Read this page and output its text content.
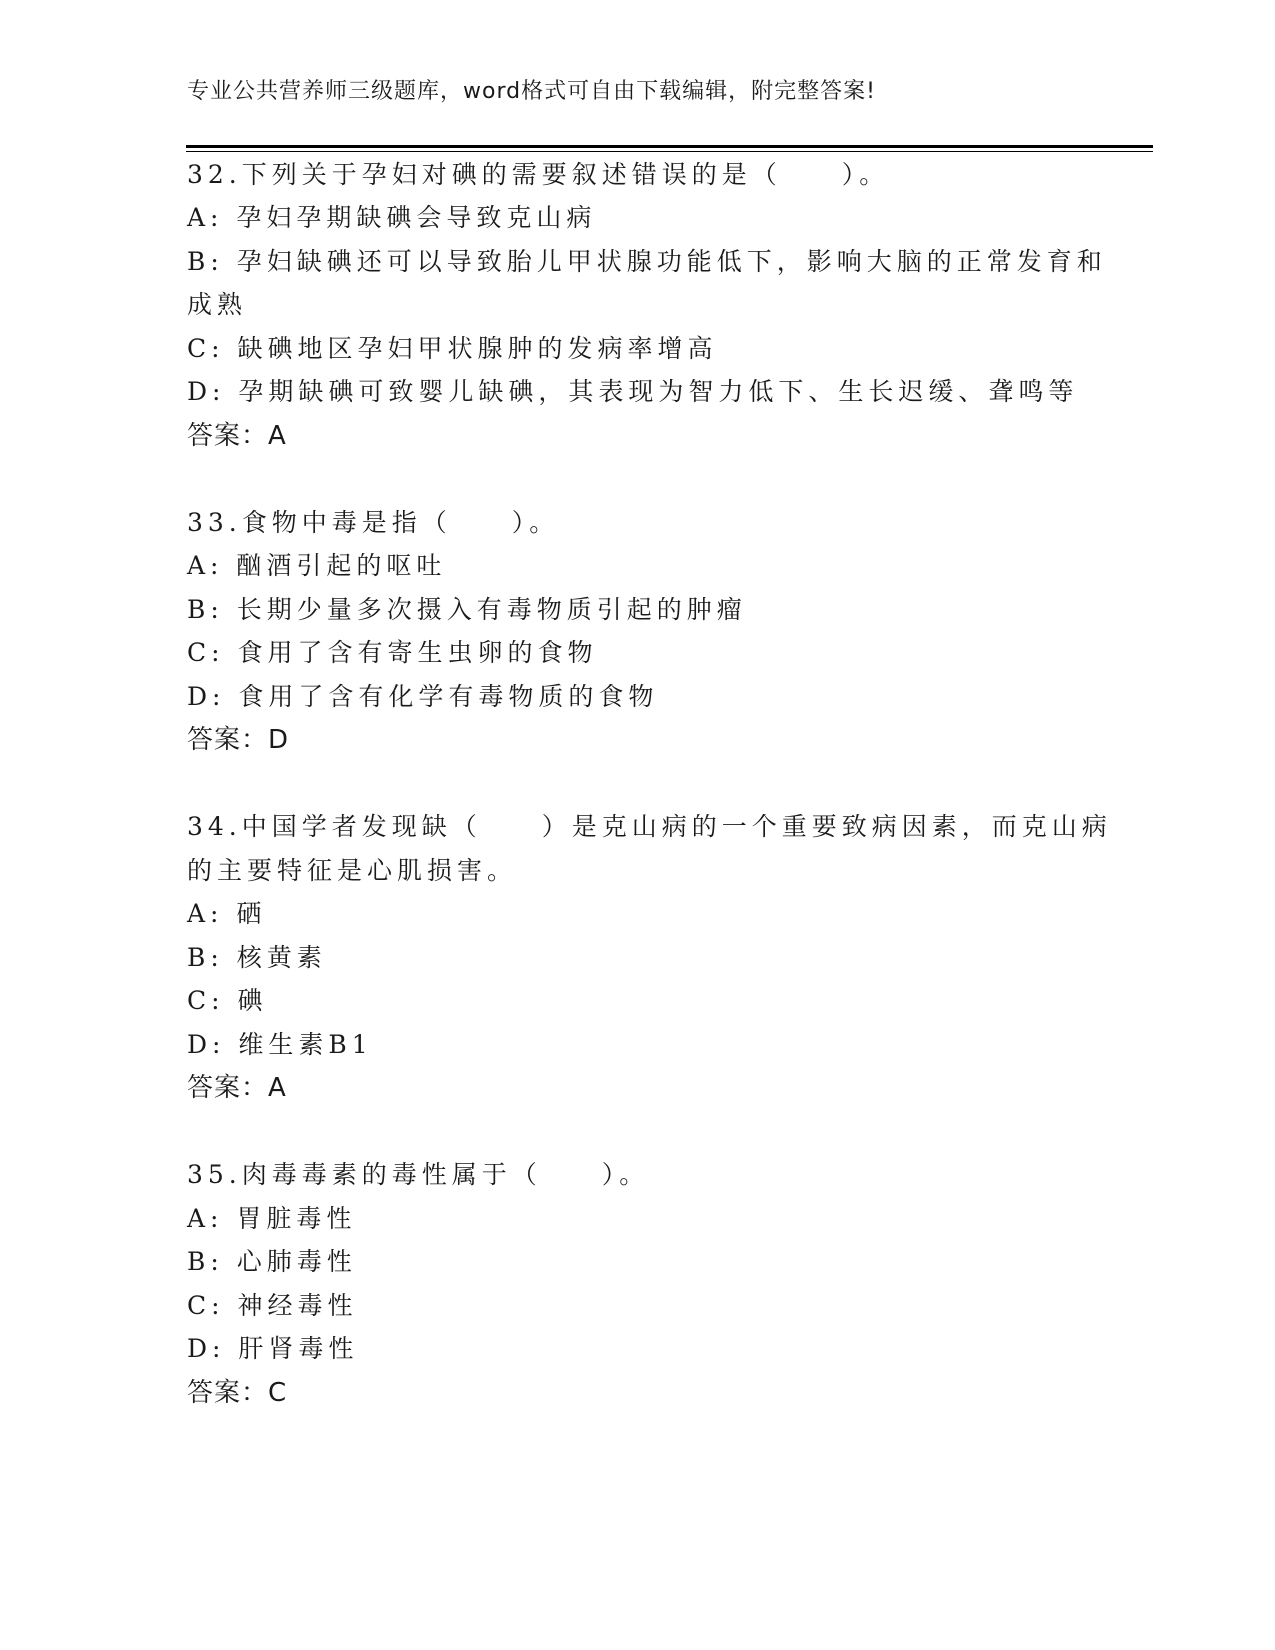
专业公共营养师三级题库，word格式可自由下载编辑，附完整答案!
32.下列关于孕妇对碘的需要叙述错误的是（　　）。
A: 孕妇孕期缺碘会导致克山病
B: 孕妇缺碘还可以导致胎儿甲状腺功能低下，影响大脑的正常发育和
成熟
C: 缺碘地区孕妇甲状腺肿的发病率增高
D: 孕期缺碘可致婴儿缺碘，其表现为智力低下、生长迟缓、聋鸣等
答案：A
33.食物中毒是指（　　）。
A: 酗酒引起的呕吐
B: 长期少量多次摄入有毒物质引起的肿瘤
C: 食用了含有寄生虫卵的食物
D: 食用了含有化学有毒物质的食物
答案：D
34.中国学者发现缺（　　）是克山病的一个重要致病因素，而克山病
的主要特征是心肌损害。
A: 硒
B: 核黄素
C: 碘
D: 维生素B1
答案：A
35.肉毒毒素的毒性属于（　　）。
A: 胃脏毒性
B: 心肺毒性
C: 神经毒性
D: 肝肾毒性
答案：C
